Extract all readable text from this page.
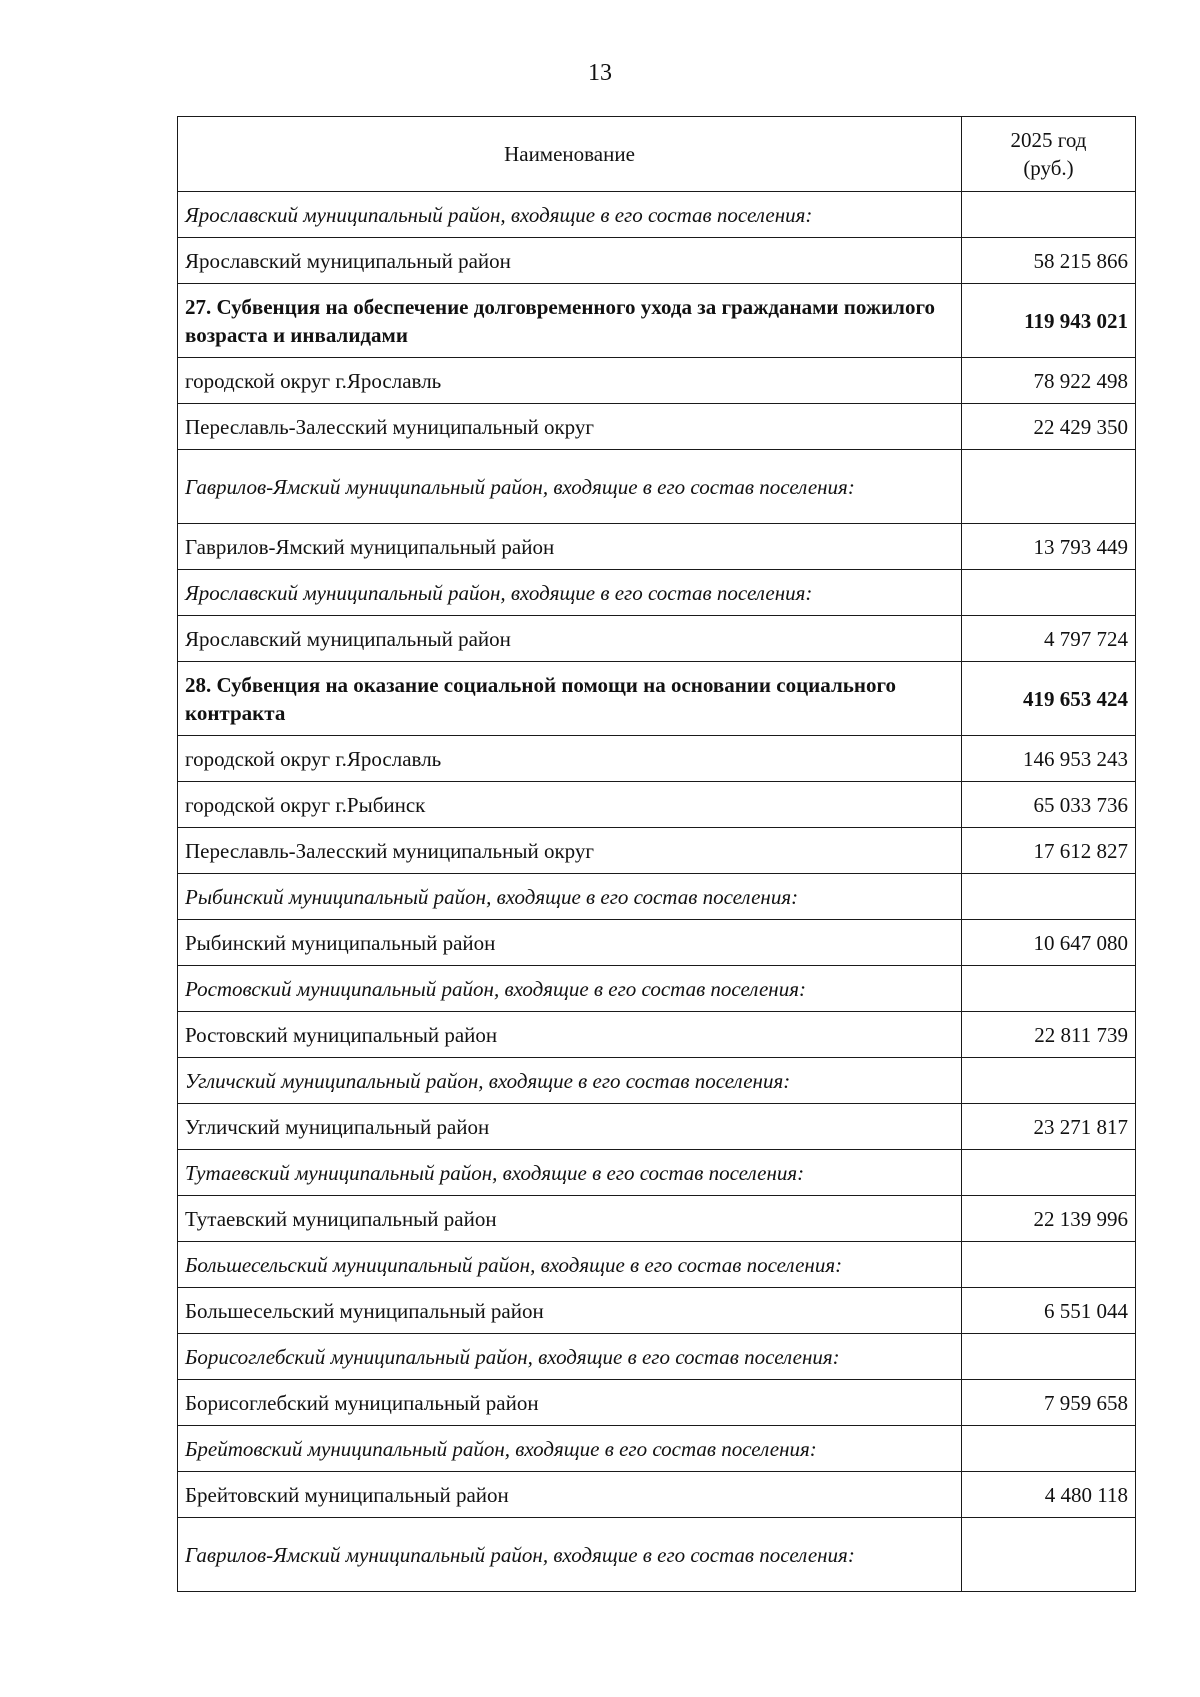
13
Наименование	2025 год
(руб.)
Ярославский муниципальный район, входящие в его состав поселения:	
Ярославский муниципальный район	58 215 866
27. Субвенция на обеспечение долговременного ухода за гражданами пожилого возраста и инвалидами	119 943 021
городской округ г.Ярославль	78 922 498
Переславль-Залесский муниципальный округ	22 429 350
Гаврилов-Ямский муниципальный район, входящие в его состав поселения:	
Гаврилов-Ямский муниципальный район	13 793 449
Ярославский муниципальный район, входящие в его состав поселения:	
Ярославский муниципальный район	4 797 724
28. Субвенция на оказание социальной помощи на основании социального контракта	419 653 424
городской округ г.Ярославль	146 953 243
городской округ г.Рыбинск	65 033 736
Переславль-Залесский муниципальный округ	17 612 827
Рыбинский муниципальный район, входящие в его состав поселения:	
Рыбинский муниципальный район	10 647 080
Ростовский муниципальный район, входящие в его состав поселения:	
Ростовский муниципальный район	22 811 739
Угличский муниципальный район, входящие в его состав поселения:	
Угличский муниципальный район	23 271 817
Тутаевский муниципальный район, входящие в его состав поселения:	
Тутаевский муниципальный район	22 139 996
Большесельский муниципальный район, входящие в его состав поселения:	
Большесельский муниципальный район	6 551 044
Борисоглебский муниципальный район, входящие в его состав поселения:	
Борисоглебский муниципальный район	7 959 658
Брейтовский муниципальный район, входящие в его состав поселения:	
Брейтовский муниципальный район	4 480 118
Гаврилов-Ямский муниципальный район, входящие в его состав поселения:	
